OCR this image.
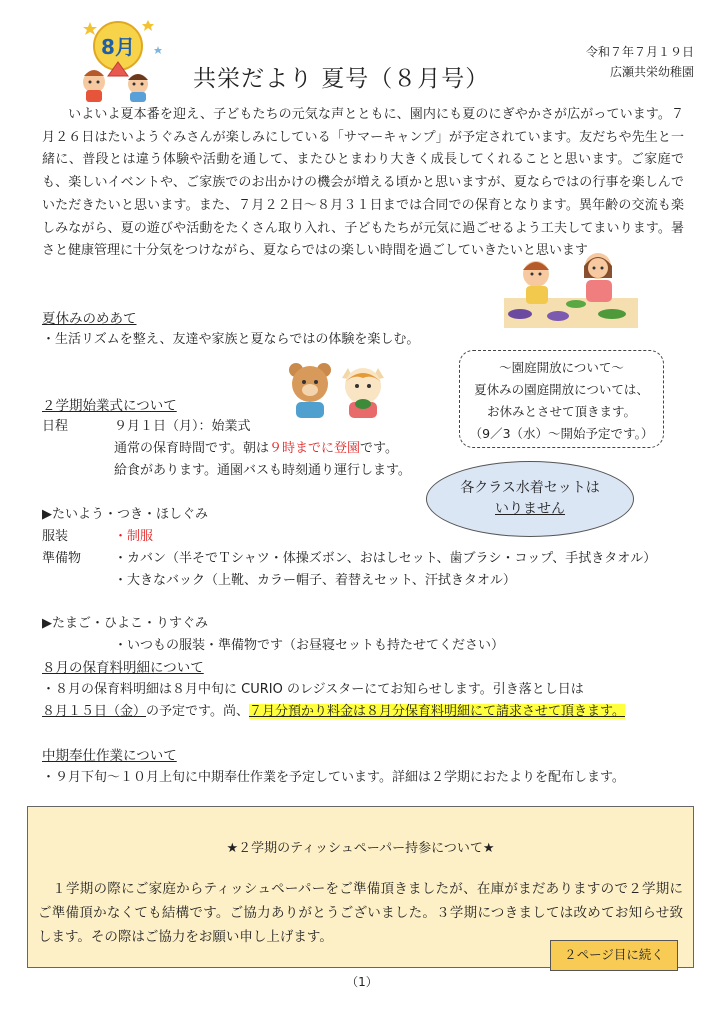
8月
共栄だより 夏号（８月号）
令和７年７月１９日
広瀬共栄幼稚園
いよいよ夏本番を迎え、子どもたちの元気な声とともに、園内にも夏のにぎやかさが広がっています。７月２６日はたいようぐみさんが楽しみにしている「サマーキャンプ」が予定されています。友だちや先生と一緒に、普段とは違う体験や活動を通して、またひとまわり大きく成長してくれることと思います。ご家庭でも、楽しいイベントや、ご家族でのお出かけの機会が増える頃かと思いますが、夏ならではの行事を楽しんでいただきたいと思います。また、７月２２日〜８月３１日までは合同での保育となります。異年齢の交流も楽しみながら、夏の遊びや活動をたくさん取り入れ、子どもたちが元気に過ごせるよう工夫してまいります。暑さと健康管理に十分気をつけながら、夏ならではの楽しい時間を過ごしていきたいと思います
夏休みのめあて
・生活リズムを整え、友達や家族と夏ならではの体験を楽しむ。
〜園庭開放について〜
夏休みの園庭開放については、
お休みとさせて頂きます。
（9／3（水）〜開始予定です。）
各クラス水着セットは
いりません
２学期始業式について
日程	９月１日（月）：始業式
通常の保育時間です。朝は９時までに登園です。
給食があります。通園バスも時刻通り運行します。
▶たいよう・つき・ほしぐみ
服装	・制服
準備物	・カバン（半そでＴシャツ・体操ズボン、おはしセット、歯ブラシ・コップ、手拭きタオル）
・大きなバック（上靴、カラー帽子、着替えセット、汗拭きタオル）
▶たまご・ひよこ・りすぐみ
・いつもの服装・準備物です（お昼寝セットも持たせてください）
８月の保育料明細について
・８月の保育料明細は８月中旬に CURIO のレジスターにてお知らせします。引き落とし日は
８月１５日（金）の予定です。尚、７月分預かり料金は８月分保育料明細にて請求させて頂きます。
中期奉仕作業について
・９月下旬〜１０月上旬に中期奉仕作業を予定しています。詳細は２学期におたよりを配布します。
★２学期のティッシュペーパー持参について★
１学期の際にご家庭からティッシュペーパーをご準備頂きましたが、在庫がまだありますので２学期にご準備頂かなくても結構です。ご協力ありがとうございました。３学期につきましては改めてお知らせ致します。その際はご協力をお願い申し上げます。
２ページ目に続く
（1）
